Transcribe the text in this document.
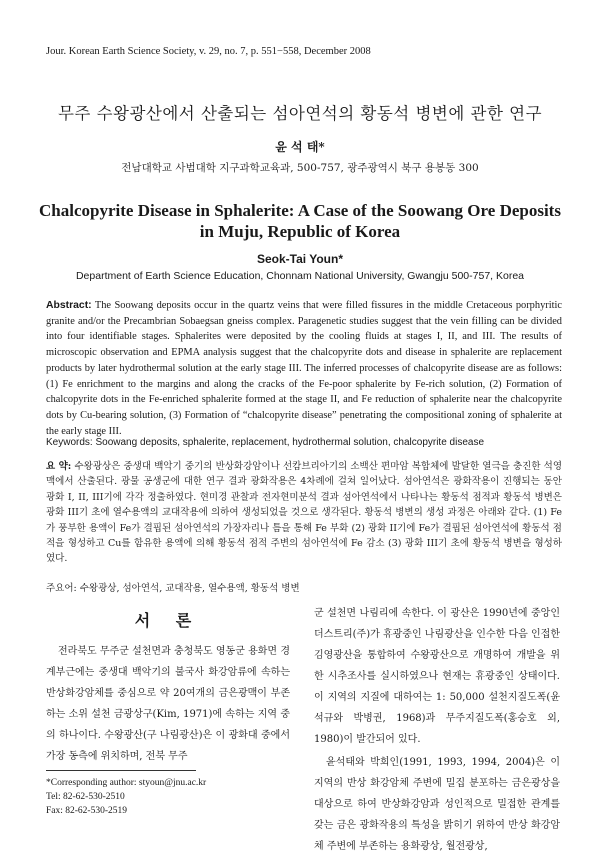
Jour. Korean Earth Science Society, v. 29, no. 7, p. 551−558, December 2008
무주 수왕광산에서 산출되는 섬아연석의 황동석 병변에 관한 연구
윤 석 태*
전남대학교 사범대학 지구과학교육과, 500-757, 광주광역시 북구 용봉동 300
Chalcopyrite Disease in Sphalerite: A Case of the Soowang Ore Deposits
in Muju, Republic of Korea
Seok-Tai Youn*
Department of Earth Science Education, Chonnam National University, Gwangju 500-757, Korea
Abstract: The Soowang deposits occur in the quartz veins that were filled fissures in the middle Cretaceous porphyritic granite and/or the Precambrian Sobaegsan gneiss complex. Paragenetic studies suggest that the vein filling can be divided into four identifiable stages. Sphalerites were deposited by the cooling fluids at stages I, II, and III. The results of microscopic observation and EPMA analysis suggest that the chalcopyrite dots and disease in sphalerite are replacement products by later hydrothermal solution at the early stage III. The inferred processes of chalcopyrite disease are as follows: (1) Fe enrichment to the margins and along the cracks of the Fe-poor sphalerite by Fe-rich solution, (2) Formation of chalcopyrite dots in the Fe-enriched sphalerite formed at the stage II, and Fe reduction of sphalerite near the chalcopyrite dots by Cu-bearing solution, (3) Formation of “chalcopyrite disease” penetrating the compositional zoning of sphalerite at the early stage III.
Keywords: Soowang deposits, sphalerite, replacement, hydrothermal solution, chalcopyrite disease
요 약: 수왕광상은 중생대 백악기 중기의 반상화강암이나 선캄브리아기의 소백산 편마암 복합체에 발달한 열극을 충진한 석영맥에서 산출된다. 광물 공생군에 대한 연구 결과 광화작용은 4차례에 걸쳐 일어났다. 섬아연석은 광화작용이 진행되는 동안 광화 I, II, III기에 각각 정출하였다. 현미경 관찰과 전자현미분석 결과 섬아연석에서 나타나는 황동석 점적과 황동석 병변은 광화 III기 초에 열수용액의 교대작용에 의하여 생성되었을 것으로 생각된다. 황동석 병변의 생성 과정은 아래와 같다. (1) Fe가 풍부한 용액이 Fe가 결핍된 섬아연석의 가장자리나 틈을 통해 Fe 부화 (2) 광화 II기에 Fe가 결핍된 섬아연석에 황동석 점적을 형성하고 Cu를 함유한 용액에 의해 황동석 점적 주변의 섬아연석에 Fe 감소 (3) 광화 III기 초에 황동석 병변을 형성하였다.
주요어: 수왕광상, 섬아연석, 교대작용, 열수용액, 황동석 병변
서 론

전라북도 무주군 설천면과 충청북도 영동군 용화면 경계부근에는 중생대 백악기의 불국사 화강암류에 속하는 반상화강암체를 중심으로 약 20여개의 금은광맥이 부존하는 소위 설천 금광상구(Kim, 1971)에 속하는 지역 중의 하나이다. 수왕광산(구 나림광산)은 이 광화대 중에서 가장 동측에 위치하며, 전북 무주

군 설천면 나림리에 속한다. 이 광산은 1990년에 중앙인더스트리(주)가 휴광중인 나림광산을 인수한 다음 인접한 김영광산을 통합하여 수왕광산으로 개명하여 개발을 위한 시추조사를 실시하였으나 현재는 휴광중인 상태이다. 이 지역의 지질에 대하여는 1: 50,000 설천지질도폭(윤석규와 박병권, 1968)과 무주지질도폭(홍승호 외, 1980)이 발간되어 있다.

윤석태와 박희인(1991, 1993, 1994, 2004)은 이 지역의 반상 화강암체 주변에 밀집 분포하는 금은광상을 대상으로 하여 반상화강암과 성인적으로 밀접한 관계를 갖는 금은 광화작용의 특성을 밝히기 위하여 반상 화강암체 주변에 부존하는 용화광상, 월전광상,

*Corresponding author: styoun@jnu.ac.kr
Tel: 82-62-530-2510
Fax: 82-62-530-2519
